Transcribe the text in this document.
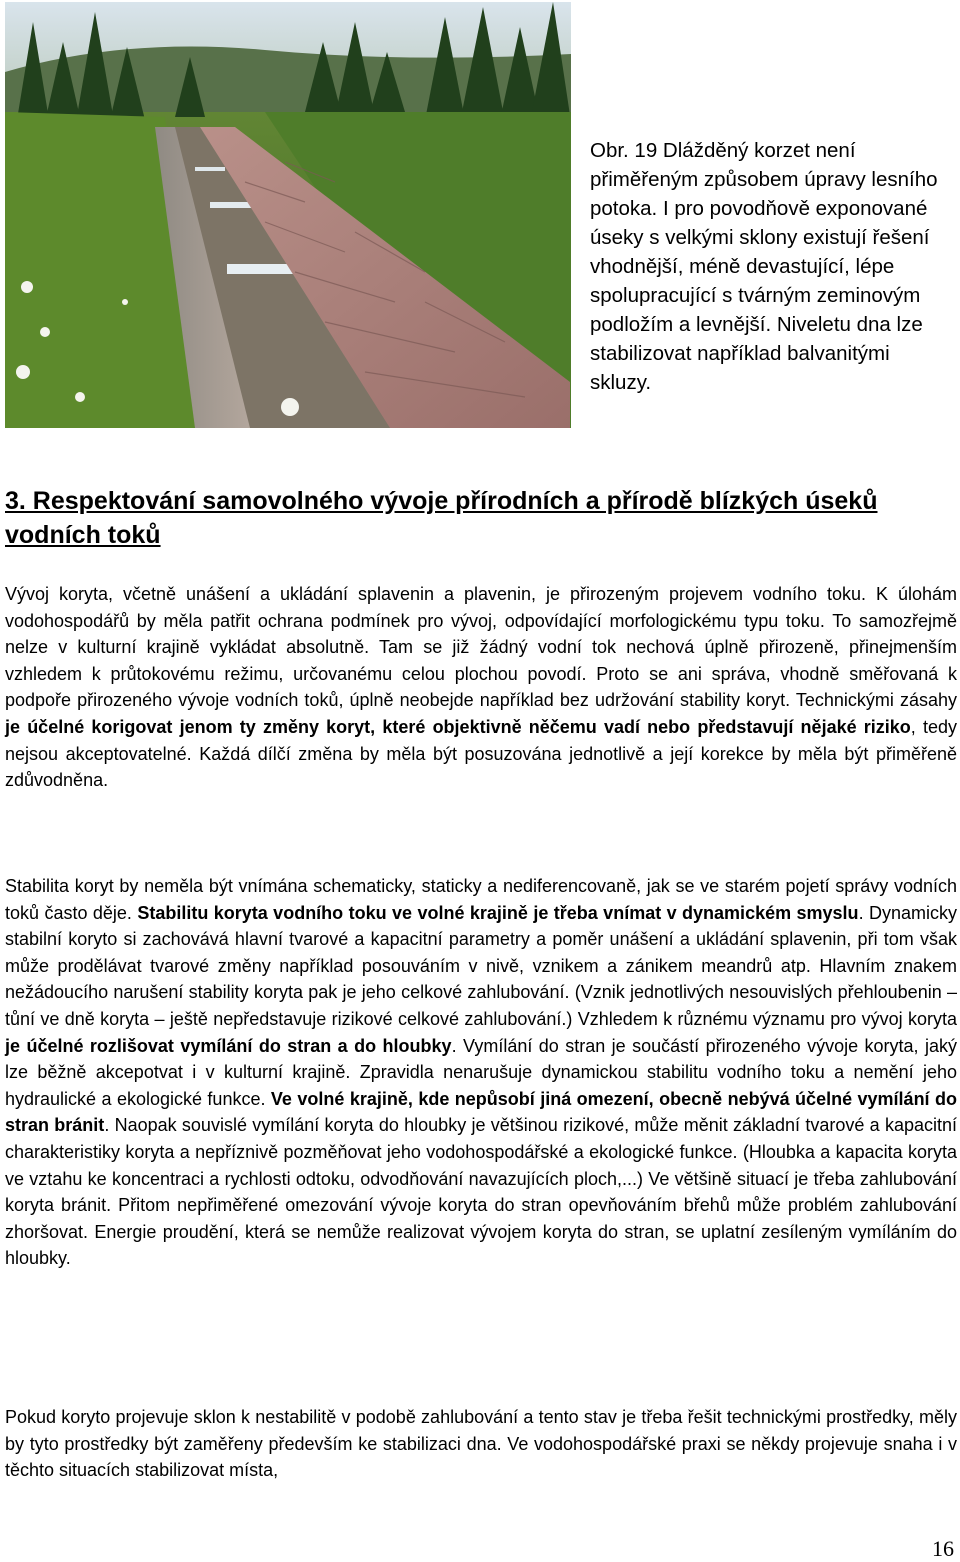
Obr. 19 Dlážděný korzet není přiměřeným způsobem úpravy lesního potoka. I pro povodňově exponované úseky s velkými sklony existují řešení vhodnější, méně devastující, lépe spolupracující s tvárným zeminovým podložím a levnější. Niveletu dna lze stabilizovat například balvanitými skluzy.
3. Respektování samovolného vývoje přírodních a přírodě blízkých úseků vodních toků
Vývoj koryta, včetně unášení a ukládání splavenin a plavenin, je přirozeným projevem vodního toku. K úlohám vodohospodářů by měla patřit ochrana podmínek pro vývoj, odpovídající morfologickému typu toku. To samozřejmě nelze v kulturní krajině vykládat absolutně. Tam se již žádný vodní tok nechová úplně přirozeně, přinejmenším vzhledem k průtokovému režimu, určovanému celou plochou povodí. Proto se ani správa, vhodně směřovaná k podpoře přirozeného vývoje vodních toků, úplně neobejde například bez udržování stability koryt. Technickými zásahy je účelné korigovat jenom ty změny koryt, které objektivně něčemu vadí nebo představují nějaké riziko, tedy nejsou akceptovatelné. Každá dílčí změna by měla být posuzována jednotlivě a její korekce by měla být přiměřeně zdůvodněna.
Stabilita koryt by neměla být vnímána schematicky, staticky a nediferencovaně, jak se ve starém pojetí správy vodních toků často děje. Stabilitu koryta vodního toku ve volné krajině je třeba vnímat v dynamickém smyslu. Dynamicky stabilní koryto si zachovává hlavní tvarové a kapacitní parametry a poměr unášení a ukládání splavenin, při tom však může prodělávat tvarové změny například posouváním v nivě, vznikem a zánikem meandrů atp. Hlavním znakem nežádoucího narušení stability koryta pak je jeho celkové zahlubování. (Vznik jednotlivých nesouvislých přehloubenin – tůní ve dně koryta – ještě nepředstavuje rizikové celkové zahlubování.) Vzhledem k různému významu pro vývoj koryta je účelné rozlišovat vymílání do stran a do hloubky. Vymílání do stran je součástí přirozeného vývoje koryta, jaký lze běžně akcepotvat i v kulturní krajině. Zpravidla nenarušuje dynamickou stabilitu vodního toku a nemění jeho hydraulické a ekologické funkce. Ve volné krajině, kde nepůsobí jiná omezení, obecně nebývá účelné vymílání do stran bránit. Naopak souvislé vymílání koryta do hloubky je většinou rizikové, může měnit základní tvarové a kapacitní charakteristiky koryta a nepříznivě pozměňovat jeho vodohospodářské a ekologické funkce. (Hloubka a kapacita koryta ve vztahu ke koncentraci a rychlosti odtoku, odvodňování navazujících ploch,...) Ve většině situací je třeba zahlubování koryta bránit. Přitom nepřiměřené omezování vývoje koryta do stran opevňováním břehů může problém zahlubování zhoršovat. Energie proudění, která se nemůže realizovat vývojem koryta do stran, se uplatní zesíleným vymíláním do hloubky.
Pokud koryto projevuje sklon k nestabilitě v podobě zahlubování a tento stav je třeba řešit technickými prostředky, měly by tyto prostředky být zaměřeny především ke stabilizaci dna. Ve vodohospodářské praxi se někdy projevuje snaha i v těchto situacích stabilizovat místa,
16
